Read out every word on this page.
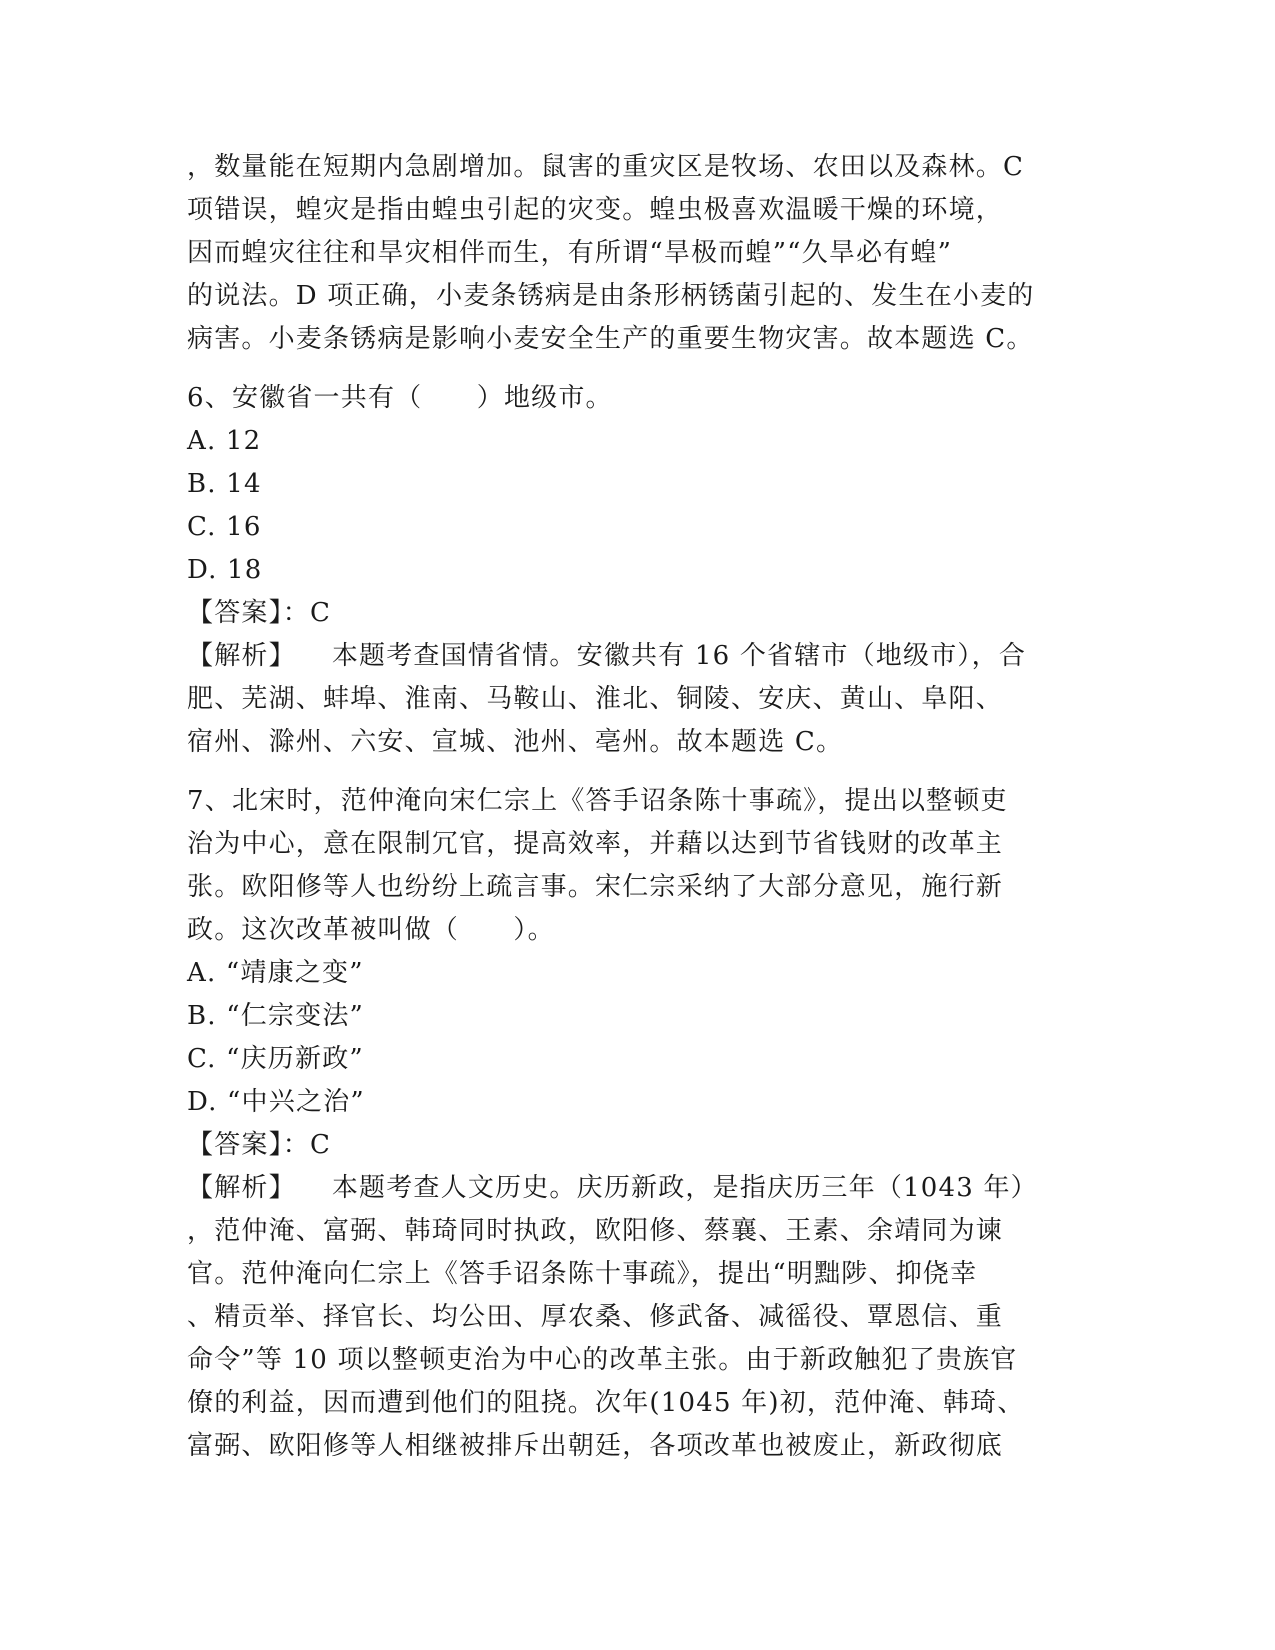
，数量能在短期内急剧增加。鼠害的重灾区是牧场、农田以及森林。C
项错误，蝗灾是指由蝗虫引起的灾变。蝗虫极喜欢温暖干燥的环境，
因而蝗灾往往和旱灾相伴而生，有所谓“旱极而蝗”“久旱必有蝗”
的说法。D 项正确，小麦条锈病是由条形柄锈菌引起的、发生在小麦的
病害。小麦条锈病是影响小麦安全生产的重要生物灾害。故本题选 C。
6、安徽省一共有（　　）地级市。
A. 12
B. 14
C. 16
D. 18
【答案】：C
【解析】 本题考查国情省情。安徽共有 16 个省辖市（地级市），合
肥、芜湖、蚌埠、淮南、马鞍山、淮北、铜陵、安庆、黄山、阜阳、
宿州、滁州、六安、宣城、池州、亳州。故本题选 C。
7、北宋时，范仲淹向宋仁宗上《答手诏条陈十事疏》，提出以整顿吏
治为中心，意在限制冗官，提高效率，并藉以达到节省钱财的改革主
张。欧阳修等人也纷纷上疏言事。宋仁宗采纳了大部分意见，施行新
政。这次改革被叫做（　　）。
A. “靖康之变”
B. “仁宗变法”
C. “庆历新政”
D. “中兴之治”
【答案】：C
【解析】 本题考查人文历史。庆历新政，是指庆历三年（1043 年）
，范仲淹、富弼、韩琦同时执政，欧阳修、蔡襄、王素、余靖同为谏
官。范仲淹向仁宗上《答手诏条陈十事疏》，提出“明黜陟、抑侥幸
、精贡举、择官长、均公田、厚农桑、修武备、减徭役、覃恩信、重
命令”等 10 项以整顿吏治为中心的改革主张。由于新政触犯了贵族官
僚的利益，因而遭到他们的阻挠。次年(1045 年)初，范仲淹、韩琦、
富弼、欧阳修等人相继被排斥出朝廷，各项改革也被废止，新政彻底
